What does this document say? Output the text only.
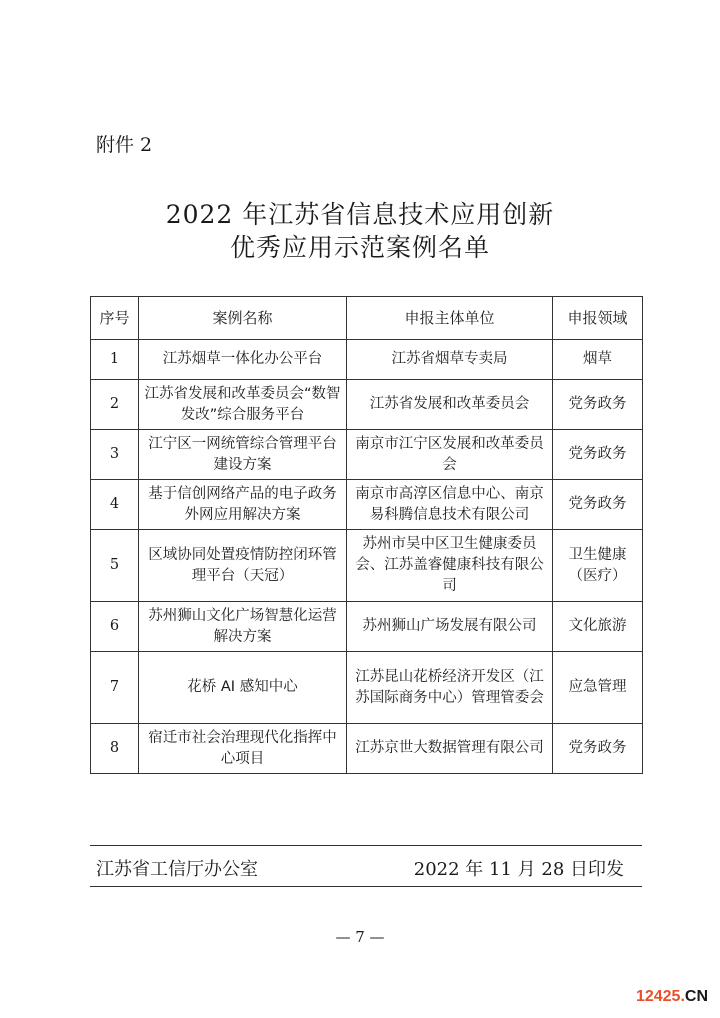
附件 2
2022 年江苏省信息技术应用创新
优秀应用示范案例名单
序号	案例名称	申报主体单位	申报领域
1	江苏烟草一体化办公平台	江苏省烟草专卖局	烟草
2	江苏省发展和改革委员会“数智发改”综合服务平台	江苏省发展和改革委员会	党务政务
3	江宁区一网统管综合管理平台建设方案	南京市江宁区发展和改革委员会	党务政务
4	基于信创网络产品的电子政务外网应用解决方案	南京市高淳区信息中心、南京易科腾信息技术有限公司	党务政务
5	区域协同处置疫情防控闭环管理平台（天冠）	苏州市吴中区卫生健康委员会、江苏盖睿健康科技有限公司	卫生健康（医疗）
6	苏州狮山文化广场智慧化运营解决方案	苏州狮山广场发展有限公司	文化旅游
7	花桥 AI 感知中心	江苏昆山花桥经济开发区（江苏国际商务中心）管理管委会	应急管理
8	宿迁市社会治理现代化指挥中心项目	江苏京世大数据管理有限公司	党务政务
江苏省工信厅办公室	2022 年 11 月 28 日印发
— 7 —
12425.CN
